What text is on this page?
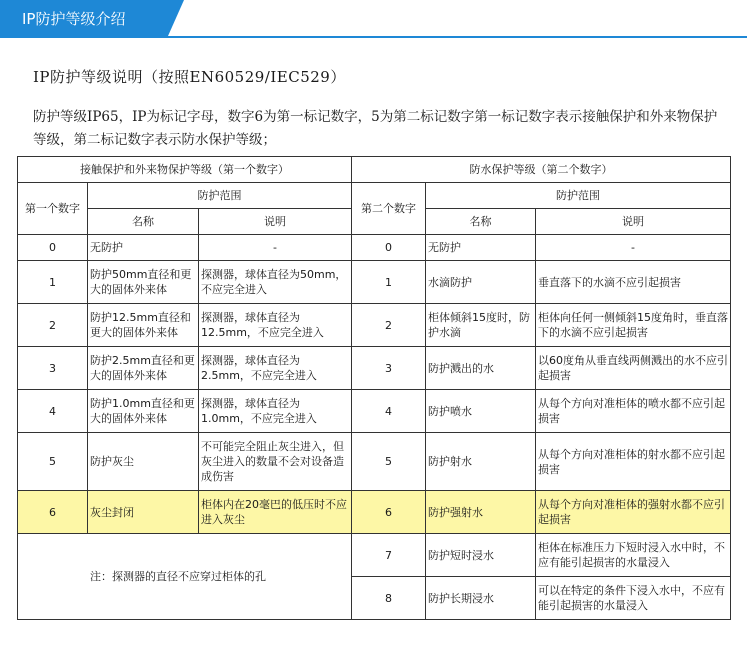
IP防护等级介绍
IP防护等级说明（按照EN60529/IEC529）
防护等级IP65，IP为标记字母，数字6为第一标记数字，5为第二标记数字第一标记数字表示接触保护和外来物保护等级，第二标记数字表示防水保护等级；
接触保护和外来物保护等级（第一个数字）			防水保护等级（第二个数字）		
第一个数字	防护范围		第二个数字	防护范围	
	名称	说明		名称	说明
0	无防护	-	0	无防护	-
1	防护50mm直径和更大的固体外来体	探测器，球体直径为50mm，不应完全进入	1	水滴防护	垂直落下的水滴不应引起损害
2	防护12.5mm直径和更大的固体外来体	探测器，球体直径为12.5mm，不应完全进入	2	柜体倾斜15度时，防护水滴	柜体向任何一侧倾斜15度角时，垂直落下的水滴不应引起损害
3	防护2.5mm直径和更大的固体外来体	探测器，球体直径为2.5mm，不应完全进入	3	防护溅出的水	以60度角从垂直线两侧溅出的水不应引起损害
4	防护1.0mm直径和更大的固体外来体	探测器，球体直径为1.0mm，不应完全进入	4	防护喷水	从每个方向对准柜体的喷水都不应引起损害
5	防护灰尘	不可能完全阻止灰尘进入，但灰尘进入的数量不会对设备造成伤害	5	防护射水	从每个方向对准柜体的射水都不应引起损害
6	灰尘封闭	柜体内在20毫巴的低压时不应进入灰尘	6	防护强射水	从每个方向对准柜体的强射水都不应引起损害
注：探测器的直径不应穿过柜体的孔			7	防护短时浸水	柜体在标准压力下短时浸入水中时，不应有能引起损害的水量浸入
			8	防护长期浸水	可以在特定的条件下浸入水中，不应有能引起损害的水量浸入
